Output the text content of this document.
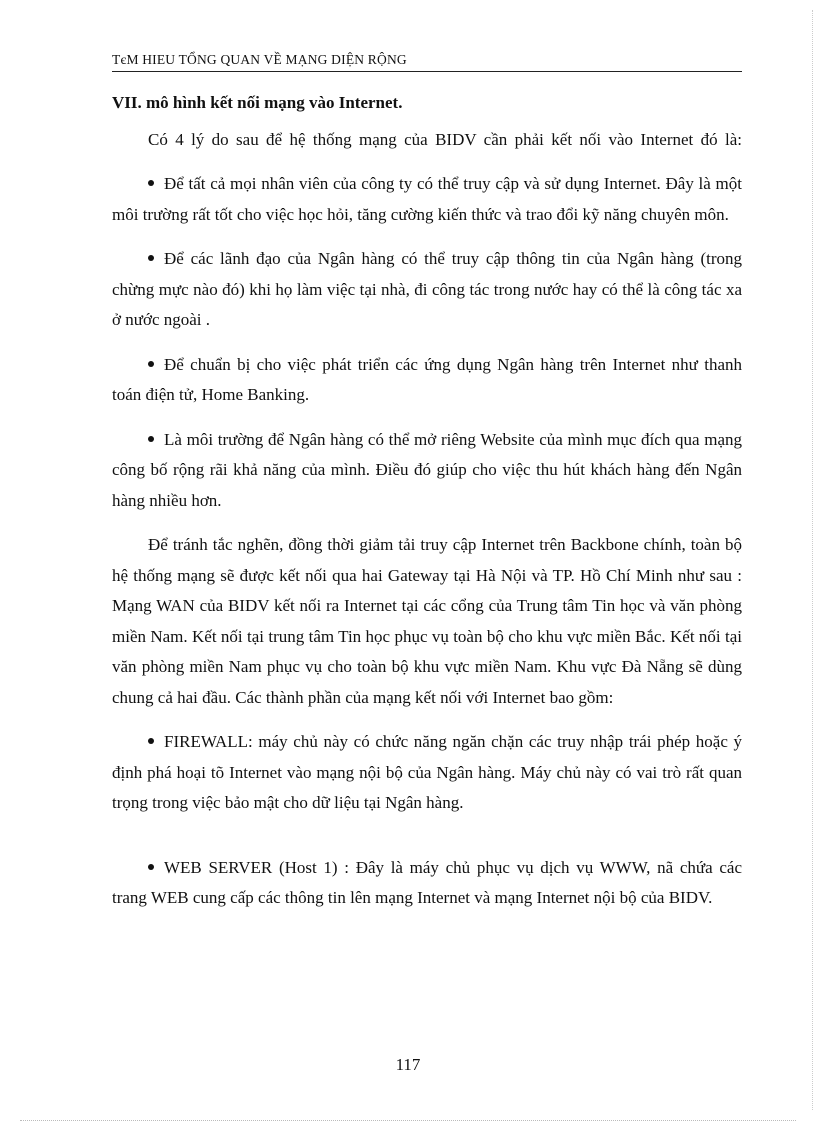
TєM HIЕU TỔNG QUAN VỀ MẠNG DIỆN RỘNG

VII. mô hình kết nối mạng vào Internet.

Có 4 lý do sau để hệ thống mạng của BIDV cần phải kết nối vào Internet đó là:

Để tất cả mọi nhân viên của công ty có thể truy cập và sử dụng Internet. Đây là một môi trường rất tốt cho việc học hỏi, tăng cường kiến thức và trao đổi kỹ năng chuyên môn.

Để các lãnh đạo của Ngân hàng có thể truy cập thông tin của Ngân hàng (trong chừng mực nào đó) khi họ làm việc tại nhà, đi công tác trong nước hay có thể là công tác xa ở nước ngoài .

Để chuẩn bị cho việc phát triển các ứng dụng Ngân hàng trên Internet như thanh toán điện tử, Home Banking.

Là môi trường để Ngân hàng có thể mở riêng Website của mình mục đích qua mạng công bố rộng rãi khả năng của mình. Điều đó giúp cho việc thu hút khách hàng đến Ngân hàng nhiều hơn.

Để tránh tắc nghẽn, đồng thời giảm tải truy cập Internet trên Backbone chính, toàn bộ hệ thống mạng sẽ được kết nối qua hai Gateway tại Hà Nội và TP. Hồ Chí Minh như sau : Mạng WAN của BIDV kết nối ra Internet tại các cổng của Trung tâm Tin học và văn phòng miền Nam. Kết nối tại trung tâm Tin học phục vụ toàn bộ cho khu vực miền Bắc. Kết nối tại văn phòng miền Nam phục vụ cho toàn bộ khu vực miền Nam. Khu vực Đà Nẵng sẽ dùng chung cả hai đầu. Các thành phần của mạng kết nối với Internet bao gồm:

FIREWALL: máy chủ này có chức năng ngăn chặn các truy nhập trái phép hoặc ý định phá hoại tõ Internet vào mạng nội bộ của Ngân hàng. Máy chủ này có vai trò rất quan trọng trong việc bảo mật cho dữ liệu tại Ngân hàng.

WEB SERVER (Host 1) : Đây là máy chủ phục vụ dịch vụ WWW, nã chứa các trang WEB cung cấp các thông tin lên mạng Internet và mạng Internet nội bộ của BIDV.

117
